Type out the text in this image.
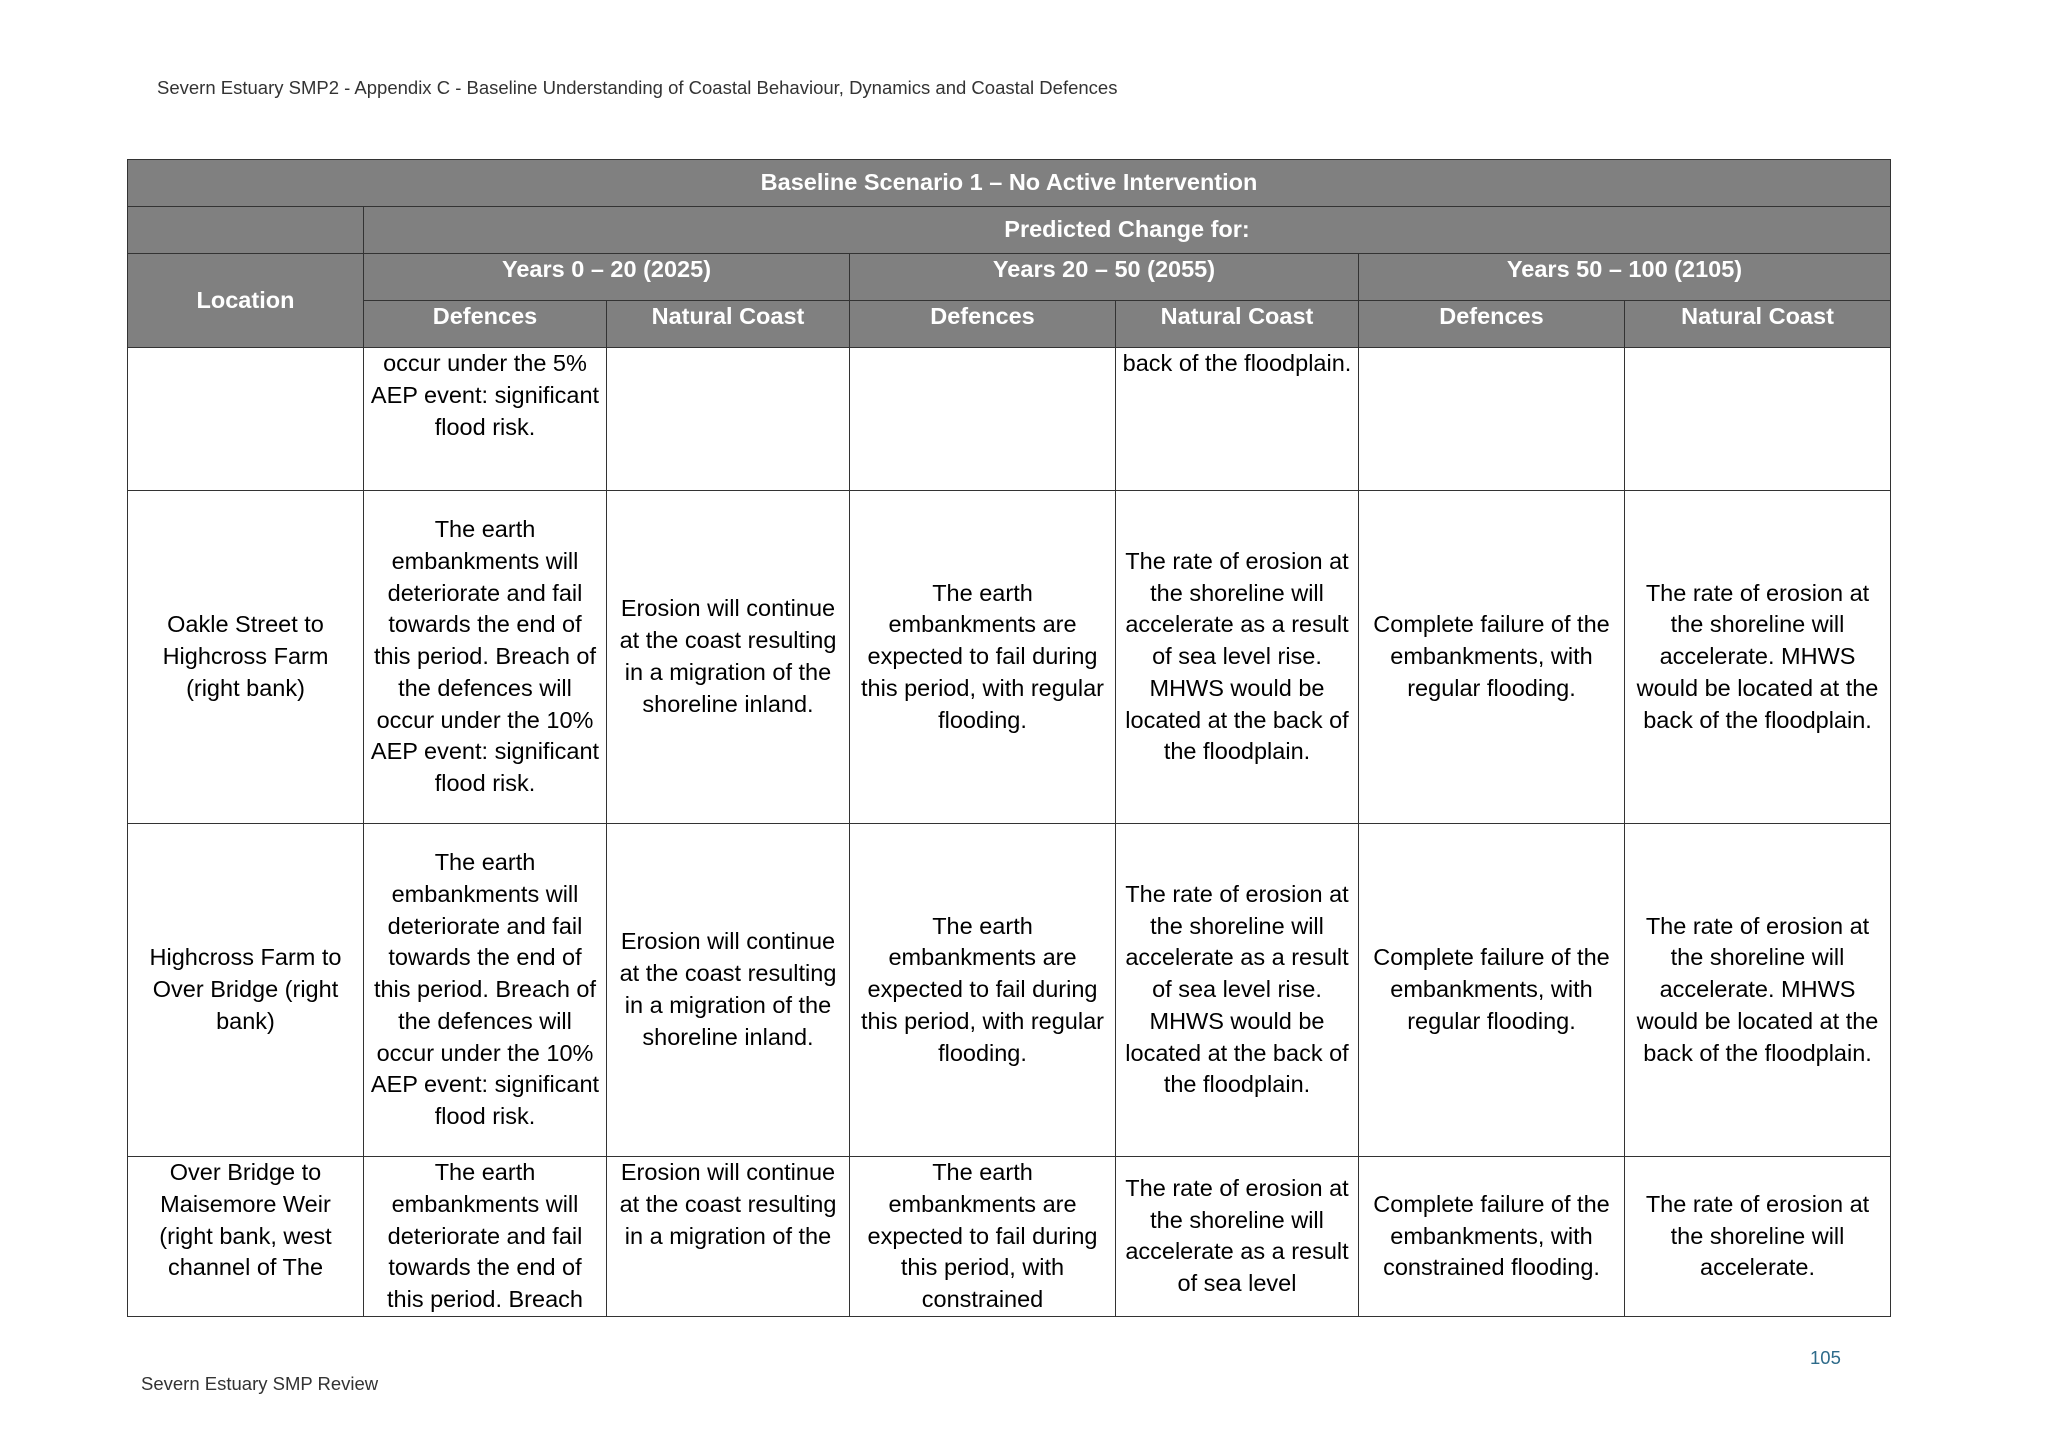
Severn Estuary SMP2 - Appendix C - Baseline Understanding of Coastal Behaviour, Dynamics and Coastal Defences
Baseline Scenario 1 – No Active Intervention						
	Predicted Change for:					
Location	Years 0 – 20 (2025)		Years 20 – 50 (2055)		Years 50 – 100 (2105)	
	Defences	Natural Coast	Defences	Natural Coast	Defences	Natural Coast
	occur under the 5% AEP event: significant flood risk.			back of the floodplain.		
Oakle Street to Highcross Farm (right bank)	The earth embankments will deteriorate and fail towards the end of this period. Breach of the defences will occur under the 10% AEP event: significant flood risk.	Erosion will continue at the coast resulting in a migration of the shoreline inland.	The earth embankments are expected to fail during this period, with regular flooding.	The rate of erosion at the shoreline will accelerate as a result of sea level rise. MHWS would be located at the back of the floodplain.	Complete failure of the embankments, with regular flooding.	The rate of erosion at the shoreline will accelerate. MHWS would be located at the back of the floodplain.
Highcross Farm to Over Bridge (right bank)	The earth embankments will deteriorate and fail towards the end of this period. Breach of the defences will occur under the 10% AEP event: significant flood risk.	Erosion will continue at the coast resulting in a migration of the shoreline inland.	The earth embankments are expected to fail during this period, with regular flooding.	The rate of erosion at the shoreline will accelerate as a result of sea level rise. MHWS would be located at the back of the floodplain.	Complete failure of the embankments, with regular flooding.	The rate of erosion at the shoreline will accelerate. MHWS would be located at the back of the floodplain.
Over Bridge to Maisemore Weir (right bank, west channel of The	The earth embankments will deteriorate and fail towards the end of this period. Breach	Erosion will continue at the coast resulting in a migration of the	The earth embankments are expected to fail during this period, with constrained	The rate of erosion at the shoreline will accelerate as a result of sea level	Complete failure of the embankments, with constrained flooding.	The rate of erosion at the shoreline will accelerate.
105
Severn Estuary SMP Review
